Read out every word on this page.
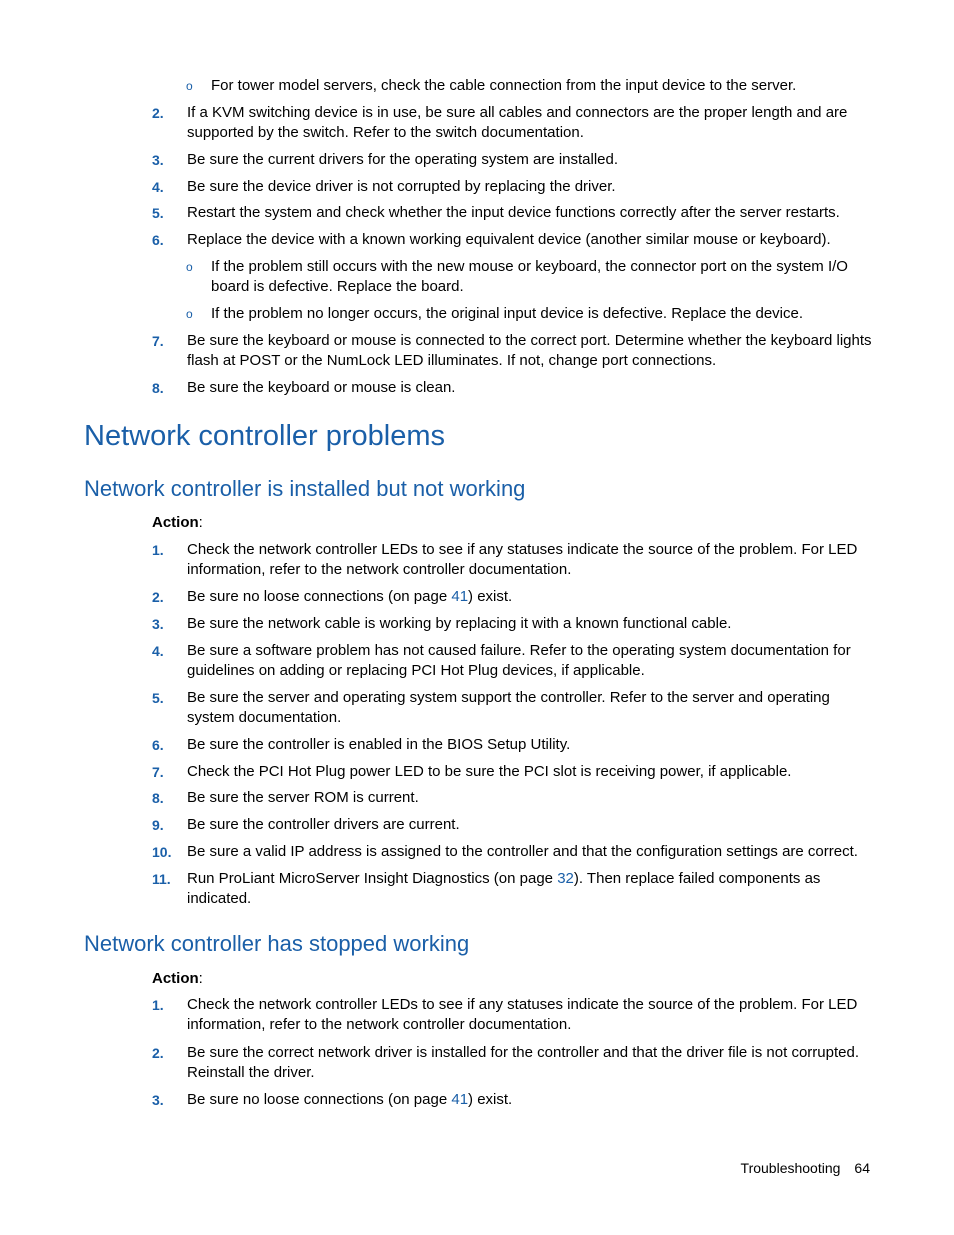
o For tower model servers, check the cable connection from the input device to the server.
2. If a KVM switching device is in use, be sure all cables and connectors are the proper length and are supported by the switch. Refer to the switch documentation.
3. Be sure the current drivers for the operating system are installed.
4. Be sure the device driver is not corrupted by replacing the driver.
5. Restart the system and check whether the input device functions correctly after the server restarts.
6. Replace the device with a known working equivalent device (another similar mouse or keyboard).
o If the problem still occurs with the new mouse or keyboard, the connector port on the system I/O board is defective. Replace the board.
o If the problem no longer occurs, the original input device is defective. Replace the device.
7. Be sure the keyboard or mouse is connected to the correct port. Determine whether the keyboard lights flash at POST or the NumLock LED illuminates. If not, change port connections.
8. Be sure the keyboard or mouse is clean.
Network controller problems
Network controller is installed but not working
Action:
1. Check the network controller LEDs to see if any statuses indicate the source of the problem. For LED information, refer to the network controller documentation.
2. Be sure no loose connections (on page 41) exist.
3. Be sure the network cable is working by replacing it with a known functional cable.
4. Be sure a software problem has not caused failure. Refer to the operating system documentation for guidelines on adding or replacing PCI Hot Plug devices, if applicable.
5. Be sure the server and operating system support the controller. Refer to the server and operating system documentation.
6. Be sure the controller is enabled in the BIOS Setup Utility.
7. Check the PCI Hot Plug power LED to be sure the PCI slot is receiving power, if applicable.
8. Be sure the server ROM is current.
9. Be sure the controller drivers are current.
10. Be sure a valid IP address is assigned to the controller and that the configuration settings are correct.
11. Run ProLiant MicroServer Insight Diagnostics (on page 32). Then replace failed components as indicated.
Network controller has stopped working
Action:
1. Check the network controller LEDs to see if any statuses indicate the source of the problem. For LED information, refer to the network controller documentation.
2. Be sure the correct network driver is installed for the controller and that the driver file is not corrupted. Reinstall the driver.
3. Be sure no loose connections (on page 41) exist.
Troubleshooting 64
